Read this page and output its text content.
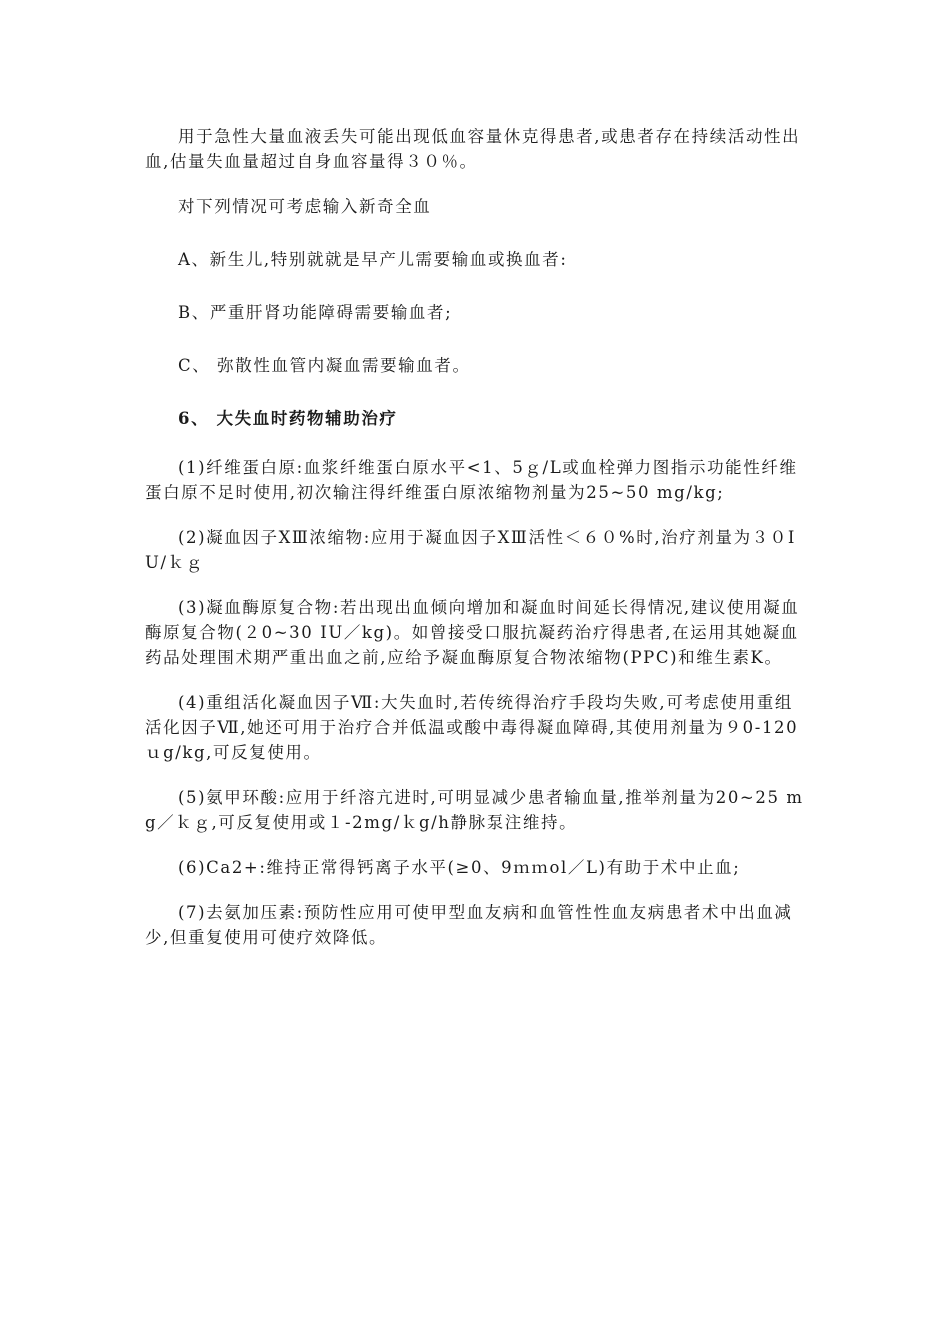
用于急性大量血液丢失可能出现低血容量休克得患者,或患者存在持续活动性出血,估量失血量超过自身血容量得３０％。

对下列情况可考虑输入新奇全血

A、新生儿,特别就就是早产儿需要输血或换血者:

B、严重肝肾功能障碍需要输血者;

C、 弥散性血管内凝血需要输血者。

6、 大失血时药物辅助治疗

(1)纤维蛋白原:血浆纤维蛋白原水平<1、5ｇ/L或血栓弹力图指示功能性纤维蛋白原不足时使用,初次输注得纤维蛋白原浓缩物剂量为25~50 mg/kg;

(2)凝血因子ⅩⅢ浓缩物:应用于凝血因子ⅩⅢ活性＜６０%时,治疗剂量为３０IU/ｋｇ

(3)凝血酶原复合物:若出现出血倾向增加和凝血时间延长得情况,建议使用凝血酶原复合物(２0~30 IU／kg)。如曾接受口服抗凝药治疗得患者,在运用其她凝血药品处理围术期严重出血之前,应给予凝血酶原复合物浓缩物(PPC)和维生素K。

(4)重组活化凝血因子Ⅶ:大失血时,若传统得治疗手段均失败,可考虑使用重组活化因子Ⅶ,她还可用于治疗合并低温或酸中毒得凝血障碍,其使用剂量为９0-120ｕg/kg,可反复使用。

(5)氨甲环酸:应用于纤溶亢进时,可明显减少患者输血量,推举剂量为20~25 mg／ｋｇ,可反复使用或１-2mg/ｋg/h静脉泵注维持。

(6)Ca2+:维持正常得钙离子水平(≥0、9ｍｍol／L)有助于术中止血;

(7)去氨加压素:预防性应用可使甲型血友病和血管性性血友病患者术中出血减少,但重复使用可使疗效降低。
